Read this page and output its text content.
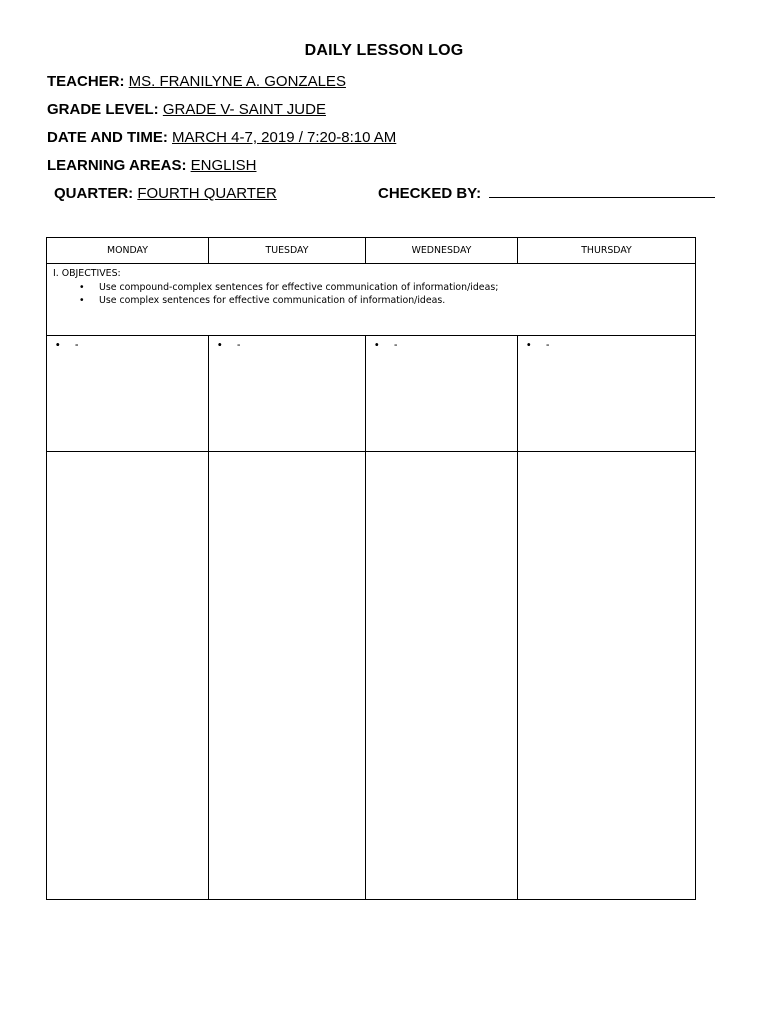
DAILY LESSON LOG
TEACHER: MS. FRANILYNE A. GONZALES
GRADE LEVEL: GRADE V- SAINT JUDE
DATE AND TIME: MARCH 4-7, 2019 / 7:20-8:10 AM
LEARNING AREAS: ENGLISH
QUARTER: FOURTH QUARTER	CHECKED BY:
MONDAY	TUESDAY	WEDNESDAY	THURSDAY

I. OBJECTIVES:
• Use compound-complex sentences for effective communication of information/ideas;
• Use complex sentences for effective communication of information/ideas.
